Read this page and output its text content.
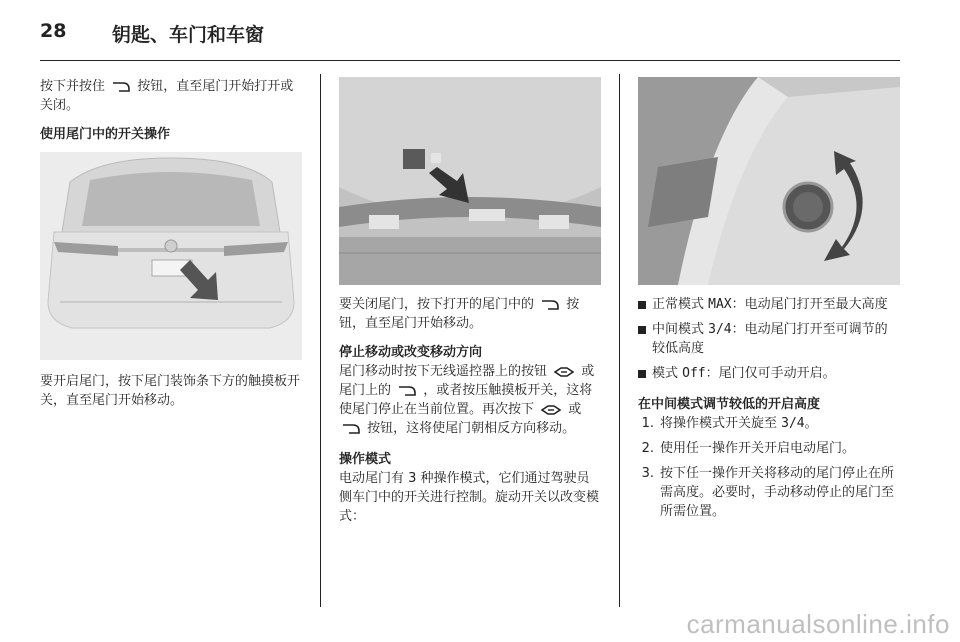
28 钥匙、车门和车窗

按下并按住 按钮，直至尾门开始打开或关闭。

使用尾门中的开关操作

要开启尾门，按下尾门装饰条下方的触摸板开关，直至尾门开始移动。

要关闭尾门，按下打开的尾门中的 按钮，直至尾门开始移动。

停止移动或改变移动方向

尾门移动时按下无线遥控器上的按钮	或尾门上的 ，或者按压触摸板开关，这将使尾门停止在当前位置。再次按下	或  按钮，这将使尾门朝相反方向移动。

操作模式

电动尾门有 3 种操作模式，它们通过驾驶员侧车门中的开关进行控制。旋动开关以改变模式：

正常模式 MAX：电动尾门打开至最大高度
中间模式 3/4：电动尾门打开至可调节的较低高度
模式 Off：尾门仅可手动开启。
在中间模式调节较低的开启高度
1. 将操作模式开关旋至 3/4。
2. 使用任一操作开关开启电动尾门。
3. 按下任一操作开关将移动的尾门停止在所需高度。必要时，手动移动停止的尾门至所需位置。
carmanualsonline.info
